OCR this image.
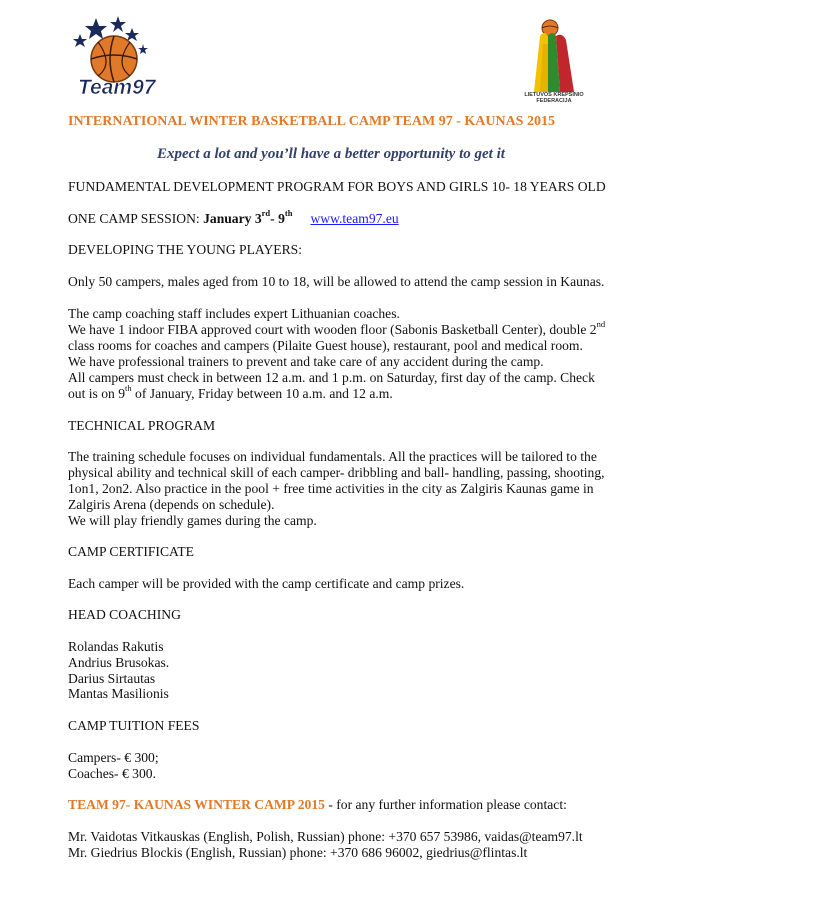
Team97	LIETUVOS KREPŠINIO
FEDERACIJA
INTERNATIONAL WINTER BASKETBALL CAMP TEAM 97 - KAUNAS 2015
Expect a lot and you’ll have a better opportunity to get it
FUNDAMENTAL DEVELOPMENT PROGRAM FOR BOYS AND GIRLS 10- 18 YEARS OLD
ONE CAMP SESSION: January 3rd- 9th www.team97.eu
DEVELOPING THE YOUNG PLAYERS:
Only 50 campers, males aged from 10 to 18, will be allowed to attend the camp session in Kaunas.
The camp coaching staff includes expert Lithuanian coaches.
We have 1 indoor FIBA approved court with wooden floor (Sabonis Basketball Center), double 2nd
class rooms for coaches and campers (Pilaite Guest house), restaurant, pool and medical room.
We have professional trainers to prevent and take care of any accident during the camp.
All campers must check in between 12 a.m. and 1 p.m. on Saturday, first day of the camp. Check
out is on 9th of January, Friday between 10 a.m. and 12 a.m.
TECHNICAL PROGRAM
The training schedule focuses on individual fundamentals. All the practices will be tailored to the
physical ability and technical skill of each camper- dribbling and ball- handling, passing, shooting,
1on1, 2on2. Also practice in the pool + free time activities in the city as Zalgiris Kaunas game in
Zalgiris Arena (depends on schedule).
We will play friendly games during the camp.
CAMP CERTIFICATE
Each camper will be provided with the camp certificate and camp prizes.
HEAD COACHING
Rolandas Rakutis
Andrius Brusokas.
Darius Sirtautas
Mantas Masilionis
CAMP TUITION FEES
Campers- € 300;
Coaches- € 300.
TEAM 97- KAUNAS WINTER CAMP 2015 - for any further information please contact:
Mr. Vaidotas Vitkauskas (English, Polish, Russian) phone: +370 657 53986, vaidas@team97.lt
Mr. Giedrius Blockis (English, Russian) phone: +370 686 96002, giedrius@flintas.lt
